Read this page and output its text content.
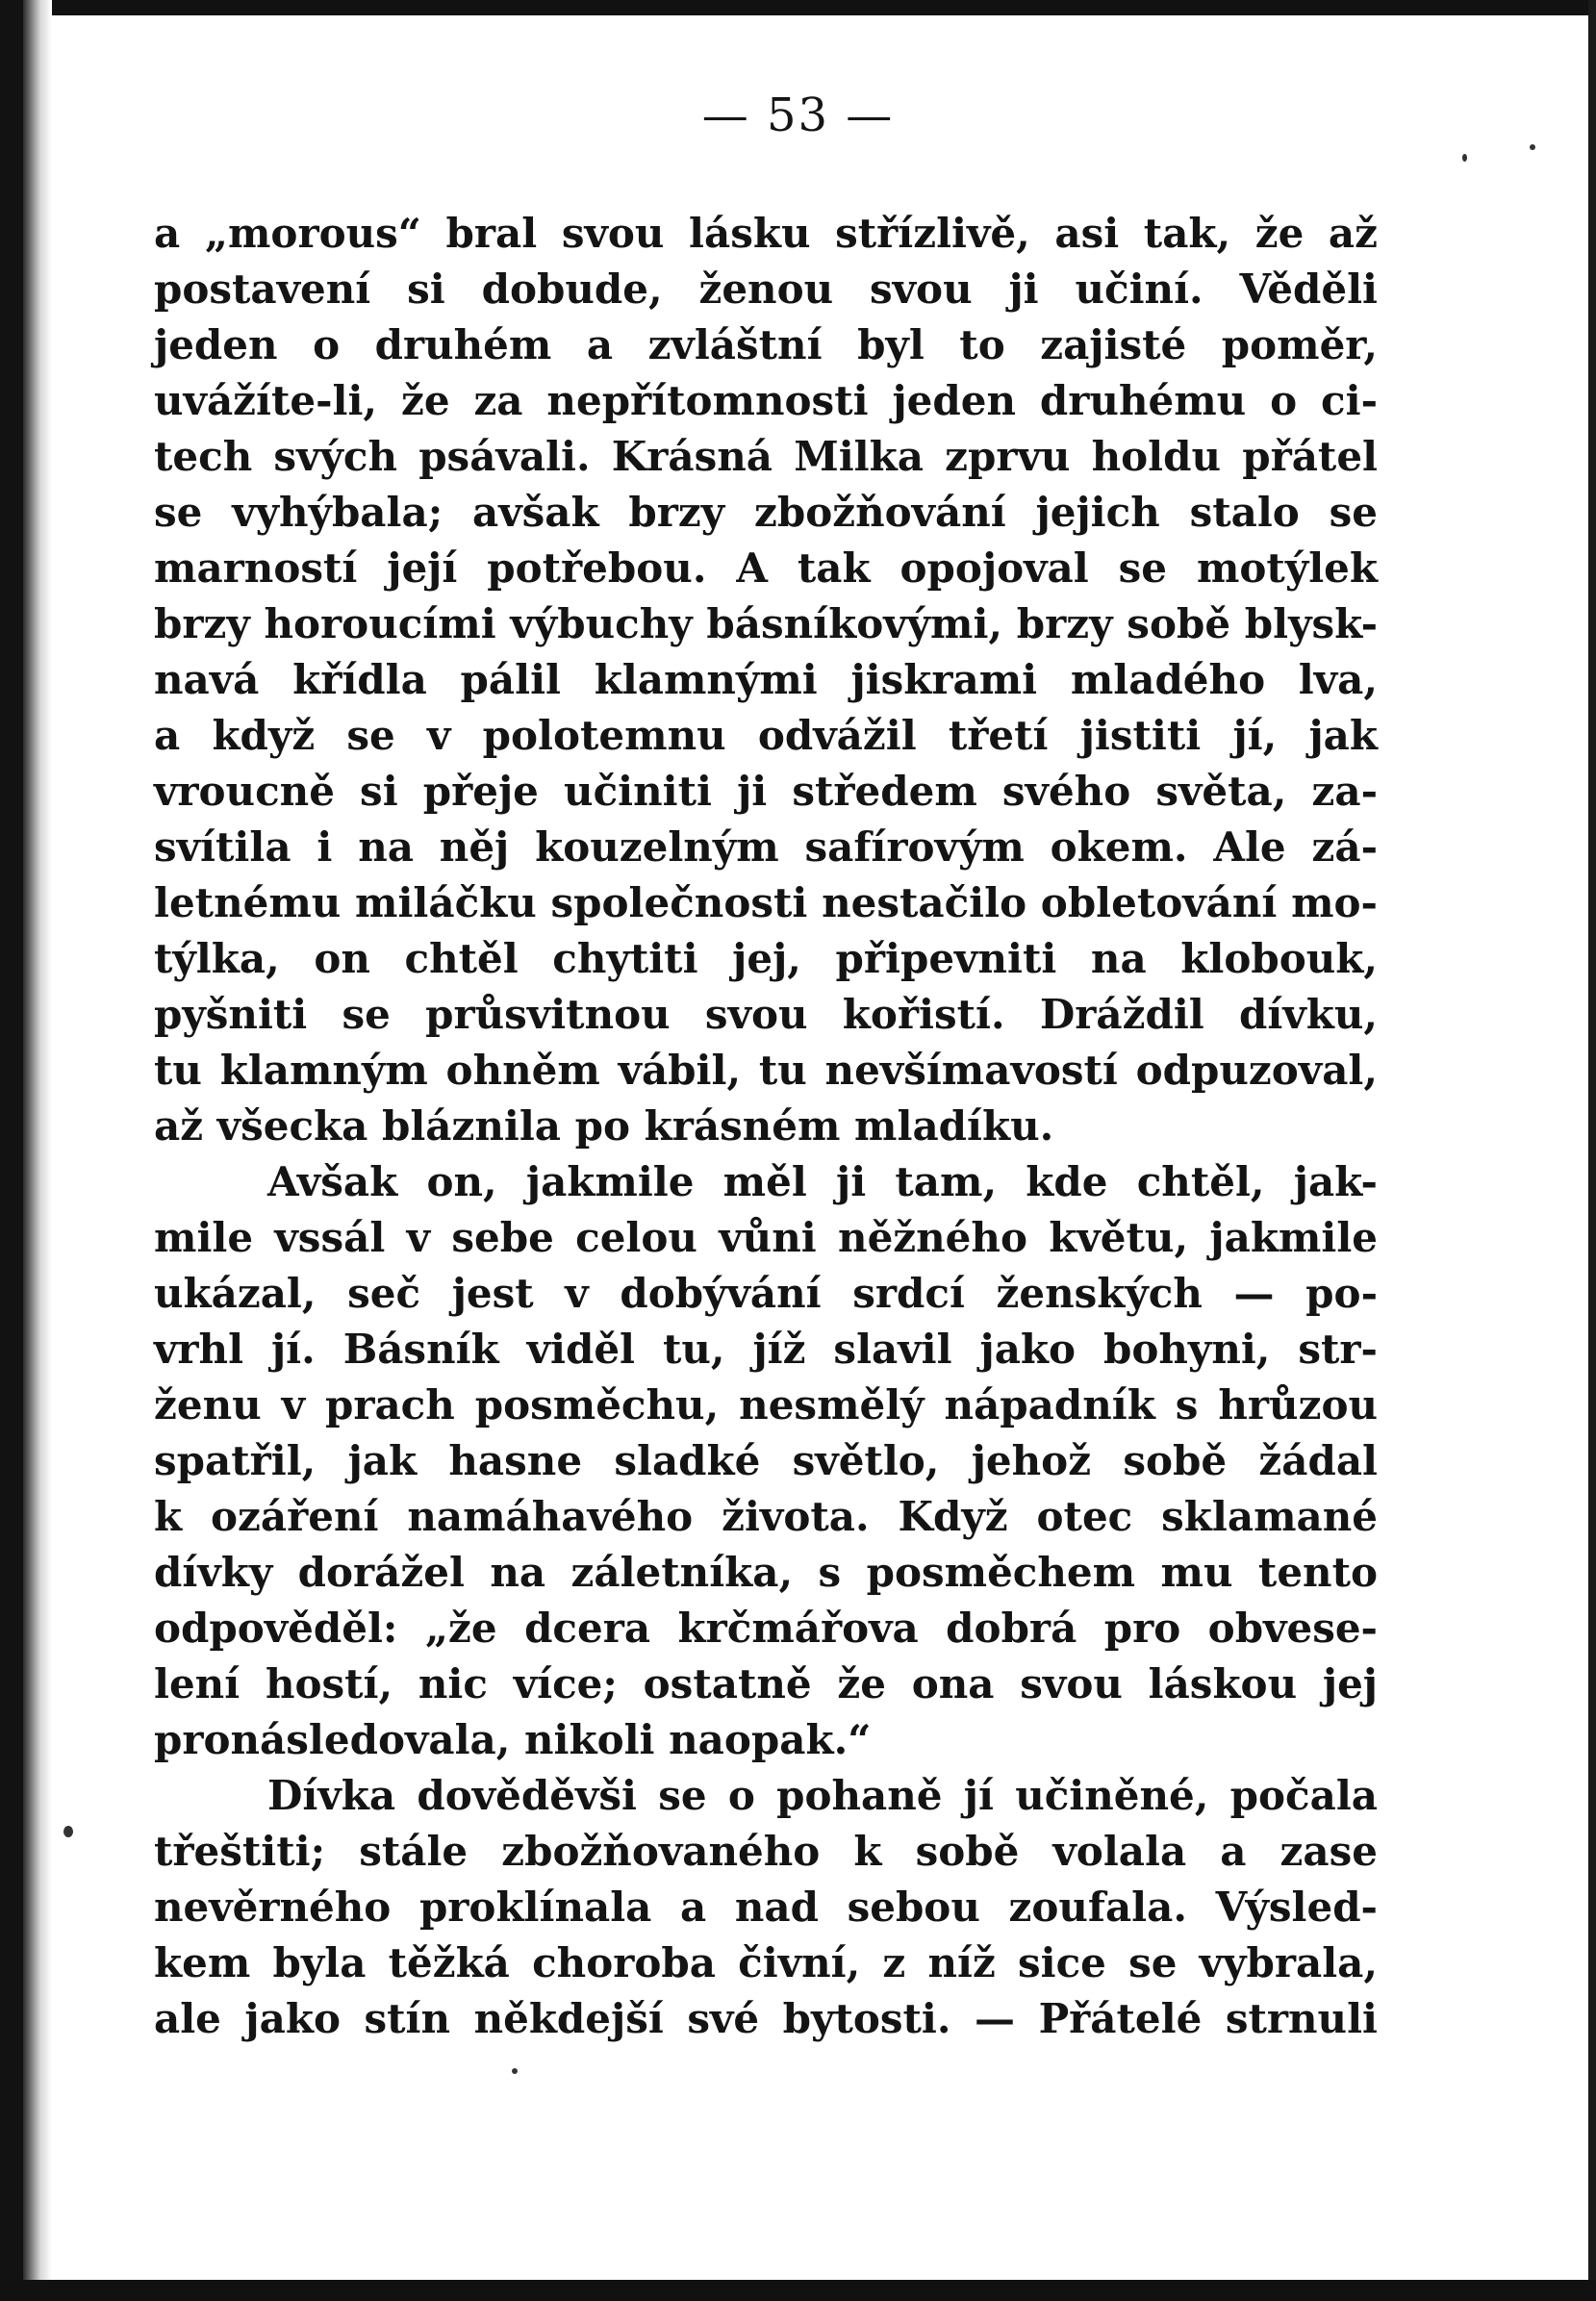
— 53 —
a „morous“ bral svou lásku střízlivě, asi tak, že až
postavení si dobude, ženou svou ji učiní. Věděli
jeden o druhém a zvláštní byl to zajisté poměr,
uvážíte-li, že za nepřítomnosti jeden druhému o ci-
tech svých psávali. Krásná Milka zprvu holdu přátel
se vyhýbala; avšak brzy zbožňování jejich stalo se
marností její potřebou. A tak opojoval se motýlek
brzy horoucími výbuchy básníkovými, brzy sobě blysk-
navá křídla pálil klamnými jiskrami mladého lva,
a když se v polotemnu odvážil třetí jistiti jí, jak
vroucně si přeje učiniti ji středem svého světa, za-
svítila i na něj kouzelným safírovým okem. Ale zá-
letnému miláčku společnosti nestačilo obletování mo-
týlka, on chtěl chytiti jej, připevniti na klobouk,
pyšniti se průsvitnou svou kořistí. Dráždil dívku,
tu klamným ohněm vábil, tu nevšímavostí odpuzoval,
až všecka bláznila po krásném mladíku.
Avšak on, jakmile měl ji tam, kde chtěl, jak-
mile vssál v sebe celou vůni něžného květu, jakmile
ukázal, seč jest v dobývání srdcí ženských — po-
vrhl jí. Básník viděl tu, jíž slavil jako bohyni, str-
ženu v prach posměchu, nesmělý nápadník s hrůzou
spatřil, jak hasne sladké světlo, jehož sobě žádal
k ozáření namáhavého života. Když otec sklamané
dívky dorážel na záletníka, s posměchem mu tento
odpověděl: „že dcera krčmářova dobrá pro obvese-
lení hostí, nic více; ostatně že ona svou láskou jej
pronásledovala, nikoli naopak.“
Dívka dověděvši se o pohaně jí učiněné, počala
třeštiti; stále zbožňovaného k sobě volala a zase
nevěrného proklínala a nad sebou zoufala. Výsled-
kem byla těžká choroba čivní, z níž sice se vybrala,
ale jako stín někdejší své bytosti. — Přátelé strnuli
